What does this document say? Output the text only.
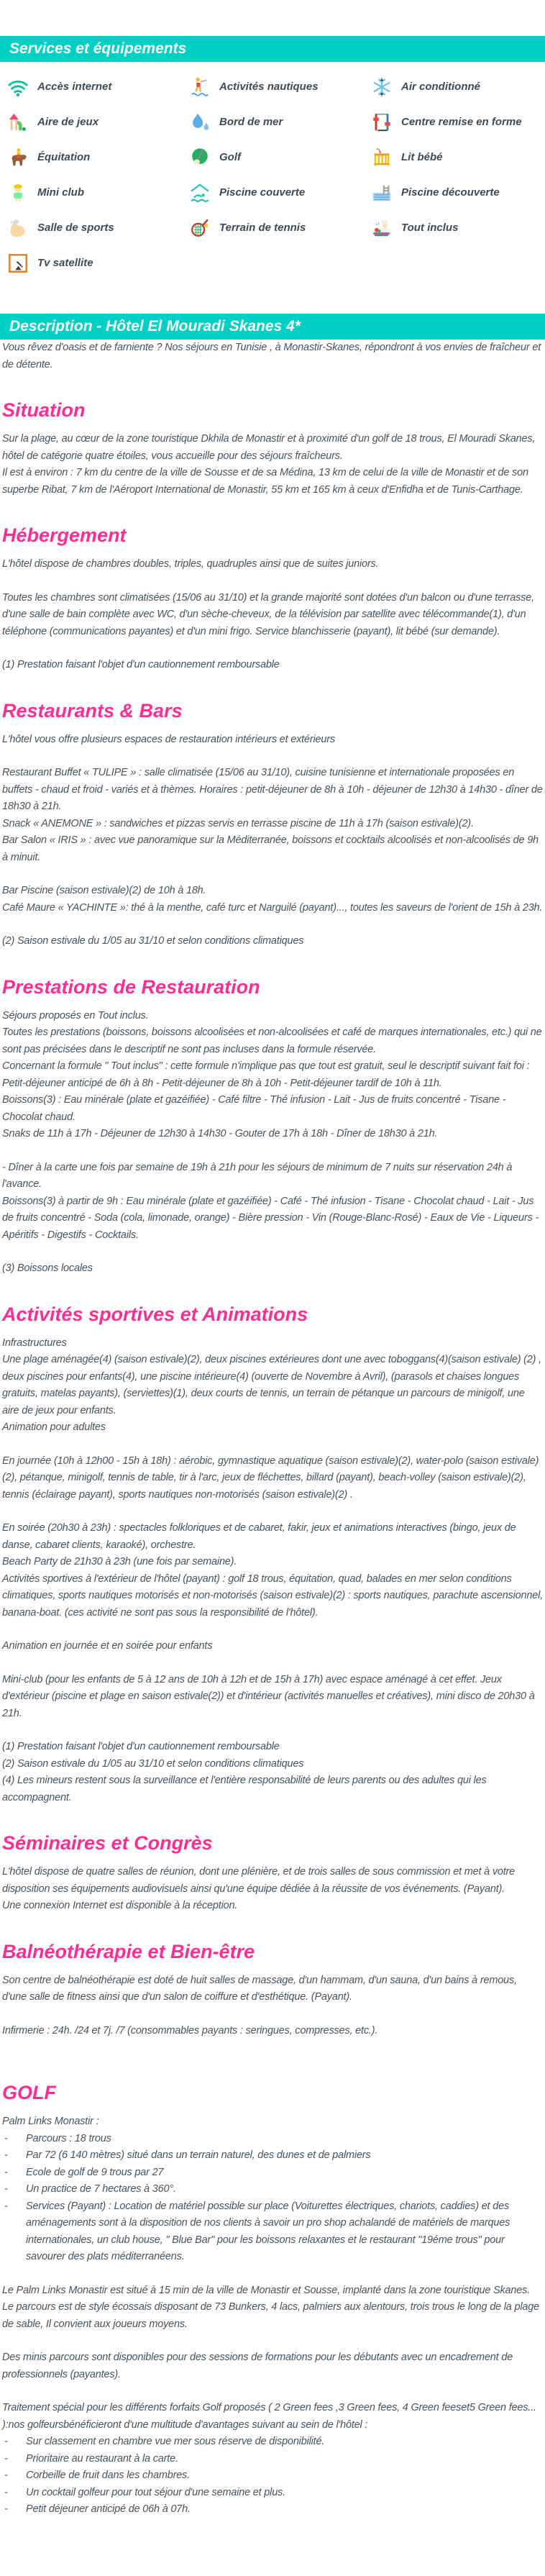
Services et équipements
Accès internet	Activités nautiques	Air conditionné
Aire de jeux	Bord de mer	Centre remise en forme
Équitation	Golf	Lit bébé
Mini club	Piscine couverte	Piscine découverte
Salle de sports	Terrain de tennis	Tout inclus
Tv satellite
Description - Hôtel El Mouradi Skanes 4*

Vous rêvez d'oasis et de farniente ? Nos séjours en Tunisie , à Monastir-Skanes, répondront à vos envies de fraîcheur et de détente.

Situation

Sur la plage, au cœur de la zone touristique Dkhila de Monastir et à proximité d'un golf de 18 trous, El Mouradi Skanes, hôtel de catégorie quatre étoiles, vous accueille pour des séjours fraîcheurs.

Il est à environ : 7 km du centre de la ville de Sousse et de sa Médina, 13 km de celui de la ville de Monastir et de son superbe Ribat, 7 km de l'Aéroport International de Monastir, 55 km et 165 km à ceux d'Enfidha et de Tunis-Carthage.

Hébergement

L'hôtel dispose de chambres doubles, triples, quadruples ainsi que de suites juniors.

Toutes les chambres sont climatisées (15/06 au 31/10) et la grande majorité sont dotées d'un balcon ou d'une terrasse, d'une salle de bain complète avec WC, d'un sèche-cheveux, de la télévision par satellite avec télécommande(1), d'un téléphone (communications payantes) et d'un mini frigo. Service blanchisserie (payant), lit bébé (sur demande).

(1) Prestation faisant l'objet d'un cautionnement remboursable

Restaurants & Bars

L'hôtel vous offre plusieurs espaces de restauration intérieurs et extérieurs

Restaurant Buffet « TULIPE » : salle climatisée (15/06 au 31/10), cuisine tunisienne et internationale proposées en buffets - chaud et froid - variés et à thèmes. Horaires : petit-déjeuner de 8h à 10h - déjeuner de 12h30 à 14h30 - dîner de 18h30 à 21h.

Snack « ANEMONE » : sandwiches et pizzas servis en terrasse piscine de 11h à 17h (saison estivale)(2).

Bar Salon « IRIS » : avec vue panoramique sur la Méditerranée, boissons et cocktails alcoolisés et non-alcoolisés de 9h à minuit.

Bar Piscine (saison estivale)(2) de 10h à 18h.

Café Maure « YACHINTE »: thé à la menthe, café turc et Narguilé (payant)..., toutes les saveurs de l'orient de 15h à 23h.

(2) Saison estivale du 1/05 au 31/10 et selon conditions climatiques

Prestations de Restauration

Séjours proposés en Tout inclus.

Toutes les prestations (boissons, boissons alcoolisées et non-alcoolisées et café de marques internationales, etc.) qui ne sont pas précisées dans le descriptif ne sont pas incluses dans la formule réservée.

Concernant la formule " Tout inclus" : cette formule n'implique pas que tout est gratuit, seul le descriptif suivant fait foi :

Petit-déjeuner anticipé de 6h à 8h - Petit-déjeuner de 8h à 10h - Petit-déjeuner tardif de 10h à 11h.

Boissons(3) : Eau minérale (plate et gazéifiée) - Café filtre - Thé infusion - Lait - Jus de fruits concentré - Tisane - Chocolat chaud.

Snaks de 11h à 17h - Déjeuner de 12h30 à 14h30 - Gouter de 17h à 18h - Dîner de 18h30 à 21h.

- Dîner à la carte une fois par semaine de 19h à 21h pour les séjours de minimum de 7 nuits sur réservation 24h à l'avance.

Boissons(3) à partir de 9h : Eau minérale (plate et gazéifiée) - Café - Thé infusion - Tisane - Chocolat chaud - Lait - Jus de fruits concentré - Soda (cola, limonade, orange) - Bière pression - Vin (Rouge-Blanc-Rosé) - Eaux de Vie - Liqueurs - Apéritifs - Digestifs - Cocktails.

(3) Boissons locales

Activités sportives et Animations

Infrastructures

Une plage aménagée(4) (saison estivale)(2), deux piscines extérieures dont une avec toboggans(4)(saison estivale) (2) , deux piscines pour enfants(4), une piscine intérieure(4) (ouverte de Novembre à Avril), (parasols et chaises longues gratuits, matelas payants), (serviettes)(1), deux courts de tennis, un terrain de pétanque un parcours de minigolf, une aire de jeux pour enfants.

Animation pour adultes

En journée (10h à 12h00 - 15h à 18h) : aérobic, gymnastique aquatique (saison estivale)(2), water-polo (saison estivale)(2), pétanque, minigolf, tennis de table, tir à l'arc, jeux de fléchettes, billard (payant), beach-volley (saison estivale)(2), tennis (éclairage payant), sports nautiques non-motorisés (saison estivale)(2) .

En soirée (20h30 à 23h) : spectacles folkloriques et de cabaret, fakir, jeux et animations interactives (bingo, jeux de danse, cabaret clients, karaoké), orchestre.

Beach Party de 21h30 à 23h (une fois par semaine).

Activités sportives à l'extérieur de l'hôtel (payant) : golf 18 trous, équitation, quad, balades en mer selon conditions climatiques, sports nautiques motorisés et non-motorisés (saison estivale)(2) : sports nautiques, parachute ascensionnel, banana-boat. (ces activité ne sont pas sous la responsibilité de l'hôtel).

Animation en journée et en soirée pour enfants

Mini-club (pour les enfants de 5 à 12 ans de 10h à 12h et de 15h à 17h) avec espace aménagé à cet effet. Jeux d'extérieur (piscine et plage en saison estivale(2)) et d'intérieur (activités manuelles et créatives), mini disco de 20h30 à 21h.

(1) Prestation faisant l'objet d'un cautionnement remboursable

(2) Saison estivale du 1/05 au 31/10 et selon conditions climatiques

(4) Les mineurs restent sous la surveillance et l'entière responsabilité de leurs parents ou des adultes qui les accompagnent.

Séminaires et Congrès

L'hôtel dispose de quatre salles de réunion, dont une plénière, et de trois salles de sous commission et met à votre disposition ses équipements audiovisuels ainsi qu'une équipe dédiée à la réussite de vos événements. (Payant).

Une connexion Internet est disponible à la réception.

Balnéothérapie et Bien-être

Son centre de balnéothérapie est doté de huit salles de massage, d'un hammam, d'un sauna, d'un bains à remous, d'une salle de fitness ainsi que d'un salon de coiffure et d'esthétique. (Payant).

Infirmerie : 24h. /24 et 7j. /7 (consommables payants : seringues, compresses, etc.).

GOLF

Palm Links Monastir :

-	Parcours : 18 trous
-	Par 72 (6 140 mètres) situé dans un terrain naturel, des dunes et de palmiers
-	Ecole de golf de 9 trous par 27
-	Un practice de 7 hectares à 360°.
-	Services (Payant) : Location de matériel possible sur place (Voiturettes électriques, chariots, caddies) et des aménagements sont à la disposition de nos clients à savoir un pro shop achalandé de matériels de marques internationales, un club house, " Blue Bar" pour les boissons relaxantes et le restaurant "19éme trous" pour savourer des plats méditerranéens.

Le Palm Links Monastir est situé à 15 min de la ville de Monastir et Sousse, implanté dans la zone touristique Skanes. Le parcours est de style écossais disposant de 73 Bunkers, 4 lacs, palmiers aux alentours, trois trous le long de la plage de sable, Il convient aux joueurs moyens.

Des minis parcours sont disponibles pour des sessions de formations pour les débutants avec un encadrement de professionnels (payantes).

Traitement spécial pour les différents forfaits Golf proposés ( 2 Green fees ,3 Green fees, 4 Green feeset5 Green fees... ):nos golfeursbénéficieront d'une multitude d'avantages suivant au sein de l'hôtel :

-	Sur classement en chambre vue mer sous réserve de disponibilité.
-	Prioritaire au restaurant à la carte.
-	Corbeille de fruit dans les chambres.
-	Un cocktail golfeur pour tout séjour d'une semaine et plus.
-	Petit déjeuner anticipé de 06h à 07h.
